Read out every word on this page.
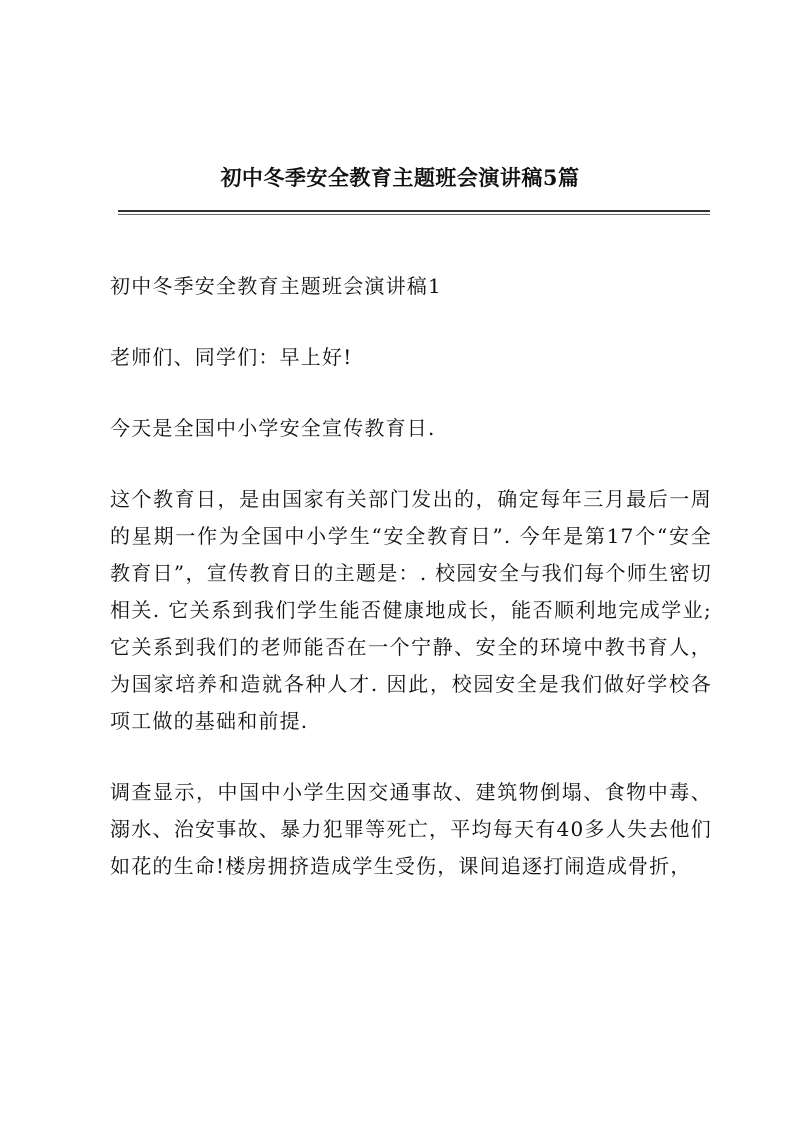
初中冬季安全教育主题班会演讲稿5篇

初中冬季安全教育主题班会演讲稿1

老师们、同学们：早上好!

今天是全国中小学安全宣传教育日.

这个教育日，是由国家有关部门发出的，确定每年三月最后一周的星期一作为全国中小学生“安全教育日”. 今年是第17个“安全教育日”，宣传教育日的主题是：. 校园安全与我们每个师生密切相关. 它关系到我们学生能否健康地成长，能否顺利地完成学业;它关系到我们的老师能否在一个宁静、安全的环境中教书育人，为国家培养和造就各种人才. 因此，校园安全是我们做好学校各项工做的基础和前提.

调查显示，中国中小学生因交通事故、建筑物倒塌、食物中毒、溺水、治安事故、暴力犯罪等死亡，平均每天有40多人失去他们如花的生命!楼房拥挤造成学生受伤，课间追逐打闹造成骨折，
